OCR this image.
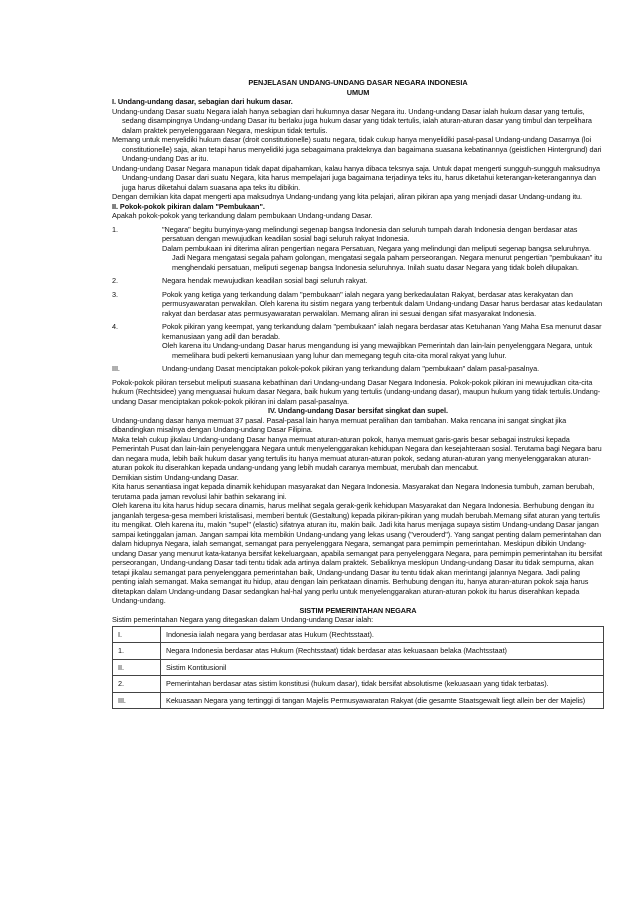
PENJELASAN UNDANG-UNDANG DASAR NEGARA INDONESIA
UMUM

I. Undang-undang dasar, sebagian dari hukum dasar.

Undang-undang Dasar suatu Negara ialah hanya sebagian dari hukumnya dasar Negara itu. Undang-undang Dasar ialah hukum dasar yang tertulis, sedang disampingnya Undang-undang Dasar itu berlaku juga hukum dasar yang tidak tertulis, ialah aturan-aturan dasar yang timbul dan terpelihara dalam praktek penyelenggaraan Negara, meskipun tidak tertulis.

Memang untuk menyelidiki hukum dasar (droit constitutionelle) suatu negara, tidak cukup hanya menyelidiki pasal-pasal Undang-undang Dasarnya (loi constitutionelle) saja, akan tetapi harus menyelidiki juga sebagaimana prakteknya dan bagaimana suasana kebatinannya (geistlichen Hintergrund) dari Undang-undang Das ar itu.

Undang-undang Dasar Negara manapun tidak dapat dipahamkan, kalau hanya dibaca teksnya saja. Untuk dapat mengerti sungguh-sungguh maksudnya Undang-undang Dasar dari suatu Negara, kita harus mempelajari juga bagaimana terjadinya teks itu, harus diketahui keterangan-keterangannya dan juga harus diketahui dalam suasana apa teks itu dibikin.

Dengan demikian kita dapat mengerti apa maksudnya Undang-undang yang kita pelajari, aliran pikiran apa yang menjadi dasar Undang-undang itu.

II. Pokok-pokok pikiran dalam "Pembukaan".

Apakah pokok-pokok yang terkandung dalam pembukaan Undang-undang Dasar.

1.	"Negara" begitu bunyinya-yang melindungi segenap bangsa Indonesia dan seluruh tumpah darah Indonesia dengan berdasar atas persatuan dengan mewujudkan keadilan sosial bagi seluruh rakyat Indonesia.

Dalam pembukaan ini diterima aliran pengertian negara Persatuan, Negara yang melindungi dan meliputi segenap bangsa seluruhnya. Jadi Negara mengatasi segala paham golongan, mengatasi segala paham perseorangan. Negara menurut pengertian "pembukaan" itu menghendaki persatuan, meliputi segenap bangsa Indonesia seluruhnya. Inilah suatu dasar Negara yang tidak boleh dilupakan.

2.	Negara hendak mewujudkan keadilan sosial bagi seluruh rakyat.
3.	Pokok yang ketiga yang terkandung dalam "pembukaan" ialah negara yang berkedaulatan Rakyat, berdasar atas kerakyatan dan permusyawaratan perwakilan. Oleh karena itu sistim negara yang terbentuk dalam Undang-undang Dasar harus berdasar atas kedaulatan rakyat dan berdasar atas permusyawaratan perwakilan. Memang aliran ini sesuai dengan sifat masyarakat Indonesia.
4.	Pokok pikiran yang keempat, yang terkandung dalam "pembukaan" ialah negara berdasar atas Ketuhanan Yang Maha Esa menurut dasar kemanusiaan yang adil dan beradab.

Oleh karena itu Undang-undang Dasar harus mengandung isi yang mewajibkan Pemerintah dan lain-lain penyelenggara Negara, untuk memelihara budi pekerti kemanusiaan yang luhur dan memegang teguh cita-cita moral rakyat yang luhur.

III.	Undang-undang Dasat menciptakan pokok-pokok pikiran yang terkandung dalam "pembukaan" dalam pasal-pasalnya.

Pokok-pokok pikiran tersebut meliputi suasana kebathinan dari Undang-undang Dasar Negara Indonesia. Pokok-pokok pikiran ini mewujudkan cita-cita hukum (Rechtsidee) yang menguasai hukum dasar Negara, baik hukum yang tertulis (undang-undang dasar), maupun hukum yang tidak tertulis.Undang-undang Dasar menciptakan pokok-pokok pikiran ini dalam pasal-pasalnya.

IV. Undang-undang Dasar bersifat singkat dan supel.

Undang-undang dasar hanya memuat 37 pasal. Pasal-pasal lain hanya memuat peralihan dan tambahan. Maka rencana ini sangat singkat jika dibandingkan misalnya dengan Undang-undang Dasar Filipina.

Maka telah cukup jikalau Undang-undang Dasar hanya memuat aturan-aturan pokok, hanya memuat garis-garis besar sebagai instruksi kepada Pemerintah Pusat dan lain-lain penyelenggara Negara untuk menyelenggarakan kehidupan Negara dan kesejahteraan sosial. Terutama bagi Negara baru dan negara muda, lebih baik hukum dasar yang tertulis itu hanya memuat aturan-aturan pokok, sedang aturan-aturan yang menyelenggarakan aturan-aturan pokok itu diserahkan kepada undang-undang yang lebih mudah caranya membuat, merubah dan mencabut.

Demikian sistim Undang-undang Dasar.

Kita harus senantiasa ingat kepada dinamik kehidupan masyarakat dan Negara Indonesia. Masyarakat dan Negara Indonesia tumbuh, zaman berubah, terutama pada jaman revolusi lahir bathin sekarang ini.

Oleh karena itu kita harus hidup secara dinamis, harus melihat segala gerak-gerik kehidupan Masyarakat dan Negara Indonesia. Berhubung dengan itu janganlah tergesa-gesa memberi kristalisasi, memberi bentuk (Gestaltung) kepada pikiran-pikiran yang mudah berubah.Memang sifat aturan yang tertulis itu mengikat. Oleh karena itu, makin "supel" (elastic) sifatnya aturan itu, makin baik. Jadi kita harus menjaga supaya sistim Undang-undang Dasar jangan sampai ketinggalan jaman. Jangan sampai kita membikin Undang-undang yang lekas usang ("verouderd"). Yang sangat penting dalam pemerintahan dan dalam hidupnya Negara, ialah semangat, semangat para penyelenggara Negara, semangat para pemimpin pemerintahan. Meskipun dibikin Undang-undang Dasar yang menurut kata-katanya bersifat kekeluargaan, apabila semangat para penyelenggara Negara, para pemimpin pemerintahan itu bersifat perseorangan, Undang-undang Dasar tadi tentu tidak ada artinya dalam praktek. Sebaliknya meskipun Undang-undang Dasar itu tidak sempurna, akan tetapi jikalau semangat para penyelenggara pemerintahan baik, Undang-undang Dasar itu tentu tidak akan merintangi jalannya Negara. Jadi paling penting ialah semangat. Maka semangat itu hidup, atau dengan lain perkataan dinamis. Berhubung dengan itu, hanya aturan-aturan pokok saja harus ditetapkan dalam Undang-undang Dasar sedangkan hal-hal yang perlu untuk menyelenggarakan aturan-aturan pokok itu harus diserahkan kepada Undang-undang.

SISTIM PEMERINTAHAN NEGARA

Sistim pemerintahan Negara yang ditegaskan dalam Undang-undang Dasar ialah:

I.	Indonesia ialah negara yang berdasar atas Hukum (Rechtsstaat).
1.	Negara Indonesia berdasar atas Hukum (Rechtsstaat) tidak berdasar atas kekuasaan belaka (Machtsstaat)
II.	Sistim Kontitusionil
2.	Pemerintahan berdasar atas sistim konstitusi (hukum dasar), tidak bersifat absolutisme (kekuasaan yang tidak terbatas).
III.	Kekuasaan Negara yang tertinggi di tangan Majelis Permusyawaratan Rakyat (die gesamte Staatsgewalt liegt allein ber der Majelis)
